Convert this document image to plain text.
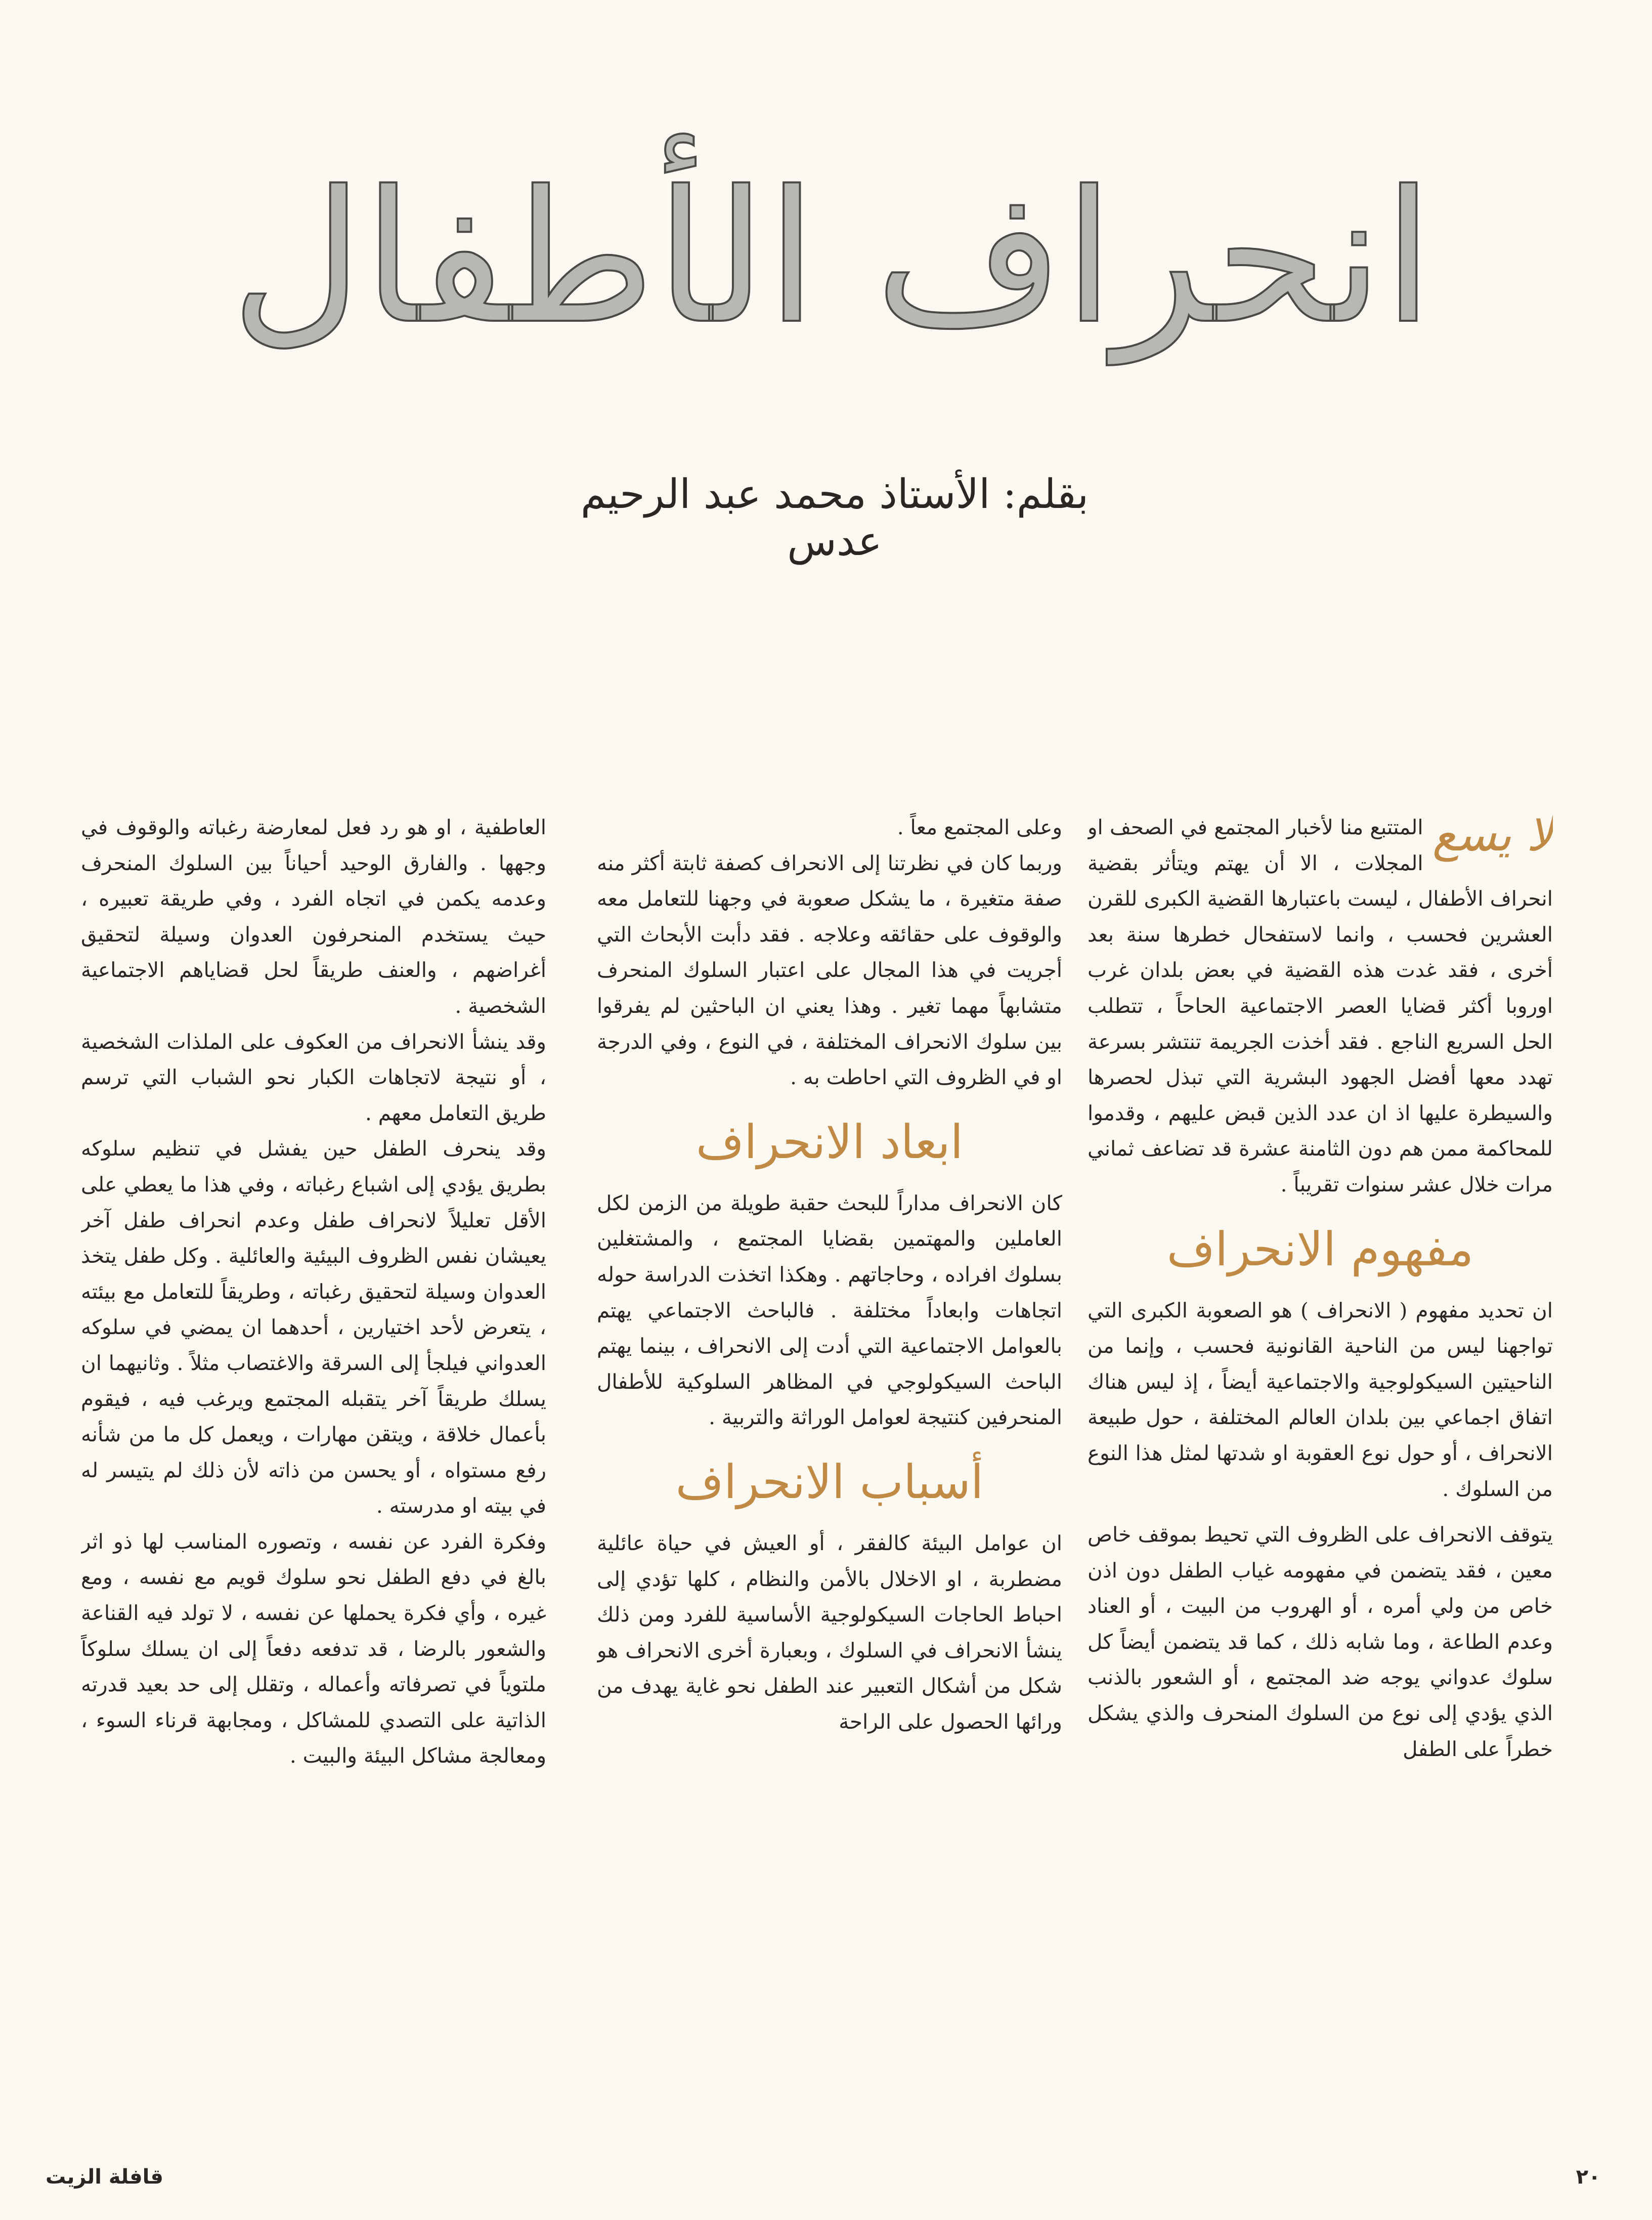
انحراف الأطفال
بقلم: الأستاذ محمد عبد الرحيم عدس

لا يسع
المتتبع منا لأخبار المجتمع في الصحف او المجلات ، الا أن يهتم ويتأثر بقضية انحراف الأطفال ، ليست باعتبارها القضية الكبرى للقرن العشرين فحسب ، وانما لاستفحال خطرها سنة بعد أخرى ، فقد غدت هذه القضية في بعض بلدان غرب اوروبا أكثر قضايا العصر الاجتماعية الحاحاً ، تتطلب الحل السريع الناجع . فقد أخذت الجريمة تنتشر بسرعة تهدد معها أفضل الجهود البشرية التي تبذل لحصرها والسيطرة عليها اذ ان عدد الذين قبض عليهم ، وقدموا للمحاكمة ممن هم دون الثامنة عشرة قد تضاعف ثماني مرات خلال عشر سنوات تقريباً .

مفهوم الانحراف

ان تحديد مفهوم ( الانحراف ) هو الصعوبة الكبرى التي تواجهنا ليس من الناحية القانونية فحسب ، وإنما من الناحيتين السيكولوجية والاجتماعية أيضاً ، إذ ليس هناك اتفاق اجماعي بين بلدان العالم المختلفة ، حول طبيعة الانحراف ، أو حول نوع العقوبة او شدتها لمثل هذا النوع من السلوك .

يتوقف الانحراف على الظروف التي تحيط بموقف خاص معين ، فقد يتضمن في مفهومه غياب الطفل دون اذن خاص من ولي أمره ، أو الهروب من البيت ، أو العناد وعدم الطاعة ، وما شابه ذلك ، كما قد يتضمن أيضاً كل سلوك عدواني يوجه ضد المجتمع ، أو الشعور بالذنب الذي يؤدي إلى نوع من السلوك المنحرف والذي يشكل خطراً على الطفل

وعلى المجتمع معاً .

وربما كان في نظرتنا إلى الانحراف كصفة ثابتة أكثر منه صفة متغيرة ، ما يشكل صعوبة في وجهنا للتعامل معه والوقوف على حقائقه وعلاجه . فقد دأبت الأبحاث التي أجريت في هذا المجال على اعتبار السلوك المنحرف متشابهاً مهما تغير . وهذا يعني ان الباحثين لم يفرقوا بين سلوك الانحراف المختلفة ، في النوع ، وفي الدرجة او في الظروف التي احاطت به .

ابعاد الانحراف

كان الانحراف مداراً للبحث حقبة طويلة من الزمن لكل العاملين والمهتمين بقضايا المجتمع ، والمشتغلين بسلوك افراده ، وحاجاتهم . وهكذا اتخذت الدراسة حوله اتجاهات وابعاداً مختلفة . فالباحث الاجتماعي يهتم بالعوامل الاجتماعية التي أدت إلى الانحراف ، بينما يهتم الباحث السيكولوجي في المظاهر السلوكية للأطفال المنحرفين كنتيجة لعوامل الوراثة والتربية .

أسباب الانحراف

ان عوامل البيئة كالفقر ، أو العيش في حياة عائلية مضطربة ، او الاخلال بالأمن والنظام ، كلها تؤدي إلى احباط الحاجات السيكولوجية الأساسية للفرد ومن ذلك ينشأ الانحراف في السلوك ، وبعبارة أخرى الانحراف هو شكل من أشكال التعبير عند الطفل نحو غاية يهدف من ورائها الحصول على الراحة

العاطفية ، او هو رد فعل لمعارضة رغباته والوقوف في وجهها . والفارق الوحيد أحياناً بين السلوك المنحرف وعدمه يكمن في اتجاه الفرد ، وفي طريقة تعبيره ، حيث يستخدم المنحرفون العدوان وسيلة لتحقيق أغراضهم ، والعنف طريقاً لحل قضاياهم الاجتماعية الشخصية .

وقد ينشأ الانحراف من العكوف على الملذات الشخصية ، أو نتيجة لاتجاهات الكبار نحو الشباب التي ترسم طريق التعامل معهم .

وقد ينحرف الطفل حين يفشل في تنظيم سلوكه بطريق يؤدي إلى اشباع رغباته ، وفي هذا ما يعطي على الأقل تعليلاً لانحراف طفل وعدم انحراف طفل آخر يعيشان نفس الظروف البيئية والعائلية . وكل طفل يتخذ العدوان وسيلة لتحقيق رغباته ، وطريقاً للتعامل مع بيئته ، يتعرض لأحد اختيارين ، أحدهما ان يمضي في سلوكه العدواني فيلجأ إلى السرقة والاغتصاب مثلاً . وثانيهما ان يسلك طريقاً آخر يتقبله المجتمع ويرغب فيه ، فيقوم بأعمال خلاقة ، ويتقن مهارات ، ويعمل كل ما من شأنه رفع مستواه ، أو يحسن من ذاته لأن ذلك لم يتيسر له في بيته او مدرسته .

وفكرة الفرد عن نفسه ، وتصوره المناسب لها ذو اثر بالغ في دفع الطفل نحو سلوك قويم مع نفسه ، ومع غيره ، وأي فكرة يحملها عن نفسه ، لا تولد فيه القناعة والشعور بالرضا ، قد تدفعه دفعاً إلى ان يسلك سلوكاً ملتوياً في تصرفاته وأعماله ، وتقلل إلى حد بعيد قدرته الذاتية على التصدي للمشاكل ، ومجابهة قرناء السوء ، ومعالجة مشاكل البيئة والبيت .

٢٠
قافلة الزيت
